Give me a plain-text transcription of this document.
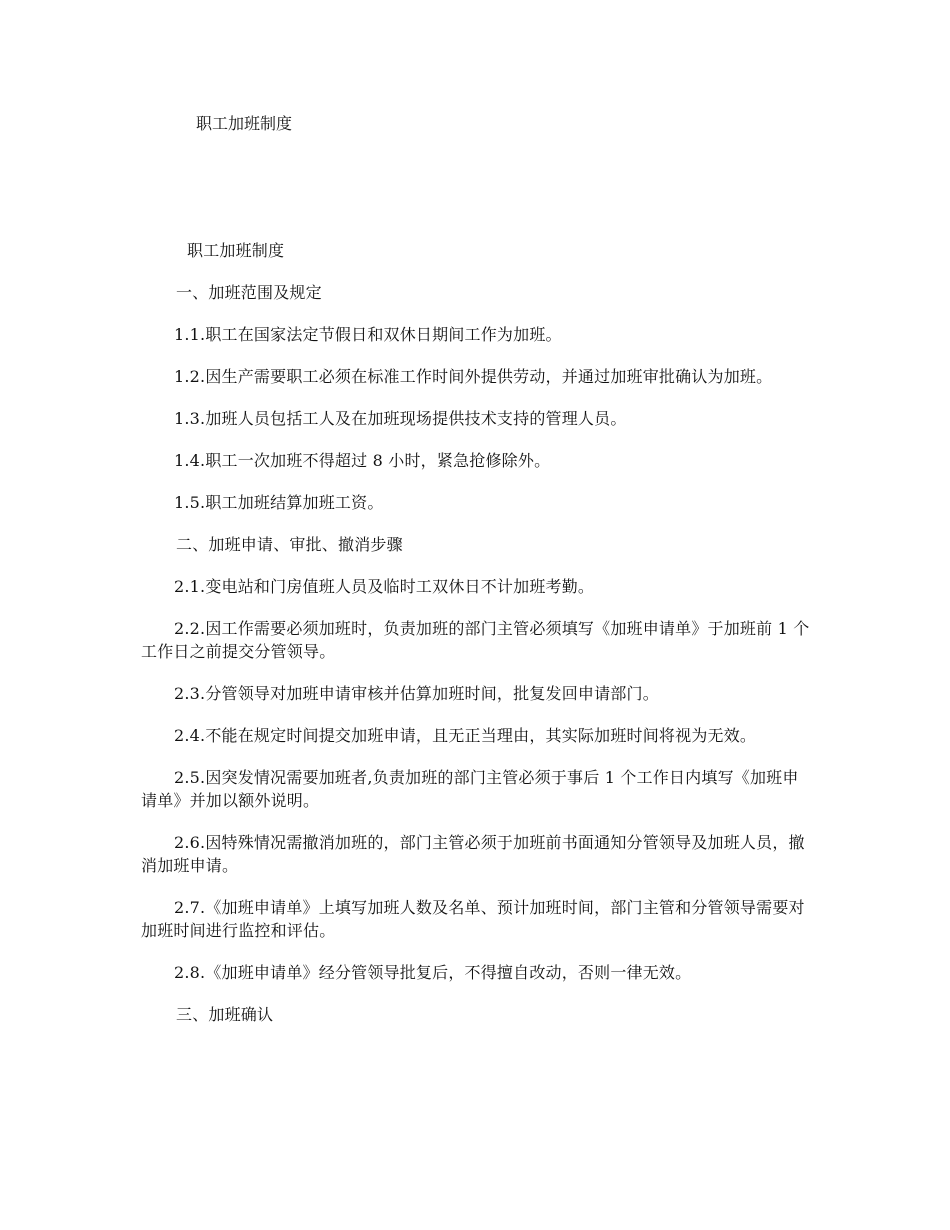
职工加班制度

职工加班制度

一、加班范围及规定

1.1.职工在国家法定节假日和双休日期间工作为加班。

1.2.因生产需要职工必须在标准工作时间外提供劳动，并通过加班审批确认为加班。

1.3.加班人员包括工人及在加班现场提供技术支持的管理人员。

1.4.职工一次加班不得超过 8 小时，紧急抢修除外。

1.5.职工加班结算加班工资。

二、加班申请、审批、撤消步骤

2.1.变电站和门房值班人员及临时工双休日不计加班考勤。

2.2.因工作需要必须加班时，负责加班的部门主管必须填写《加班申请单》于加班前 1 个工作日之前提交分管领导。

2.3.分管领导对加班申请审核并估算加班时间，批复发回申请部门。

2.4.不能在规定时间提交加班申请，且无正当理由，其实际加班时间将视为无效。

2.5.因突发情况需要加班者,负责加班的部门主管必须于事后 1 个工作日内填写《加班申请单》并加以额外说明。

2.6.因特殊情况需撤消加班的，部门主管必须于加班前书面通知分管领导及加班人员，撤消加班申请。

2.7.《加班申请单》上填写加班人数及名单、预计加班时间，部门主管和分管领导需要对加班时间进行监控和评估。

2.8.《加班申请单》经分管领导批复后，不得擅自改动，否则一律无效。

三、加班确认
